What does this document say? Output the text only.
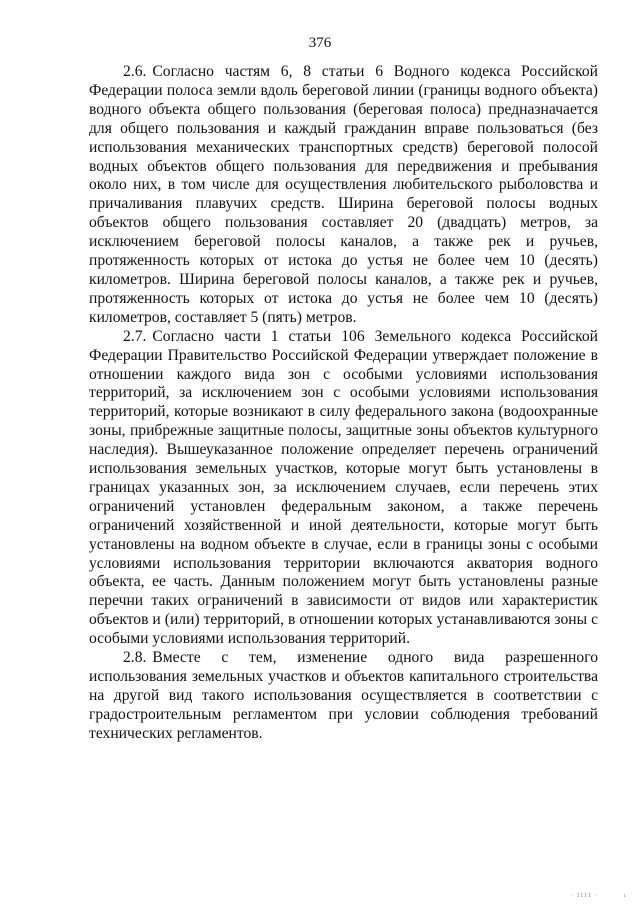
376

2.6. Согласно частям 6, 8 статьи 6 Водного кодекса Российской Федерации полоса земли вдоль береговой линии (границы водного объекта) водного объекта общего пользования (береговая полоса) предназначается для общего пользования и каждый гражданин вправе пользоваться (без использования механических транспортных средств) береговой полосой водных объектов общего пользования для передвижения и пребывания около них, в том числе для осуществления любительского рыболовства и причаливания плавучих средств. Ширина береговой полосы водных объектов общего пользования составляет 20 (двадцать) метров, за исключением береговой полосы каналов, а также рек и ручьев, протяженность которых от истока до устья не более чем 10 (десять) километров. Ширина береговой полосы каналов, а также рек и ручьев, протяженность которых от истока до устья не более чем 10 (десять) километров, составляет 5 (пять) метров.

2.7. Согласно части 1 статьи 106 Земельного кодекса Российской Федерации Правительство Российской Федерации утверждает положение в отношении каждого вида зон с особыми условиями использования территорий, за исключением зон с особыми условиями использования территорий, которые возникают в силу федерального закона (водоохранные зоны, прибрежные защитные полосы, защитные зоны объектов культурного наследия). Вышеуказанное положение определяет перечень ограничений использования земельных участков, которые могут быть установлены в границах указанных зон, за исключением случаев, если перечень этих ограничений установлен федеральным законом, а также перечень ограничений хозяйственной и иной деятельности, которые могут быть установлены на водном объекте в случае, если в границы зоны с особыми условиями использования территории включаются акватория водного объекта, ее часть. Данным положением могут быть установлены разные перечни таких ограничений в зависимости от видов или характеристик объектов и (или) территорий, в отношении которых устанавливаются зоны с особыми условиями использования территорий.

2.8. Вместе с тем, изменение одного вида разрешенного использования земельных участков и объектов капитального строительства на другой вид такого использования осуществляется в соответствии с градостроительным регламентом при условии соблюдения требований технических регламентов.

· 1111 ·	ı
